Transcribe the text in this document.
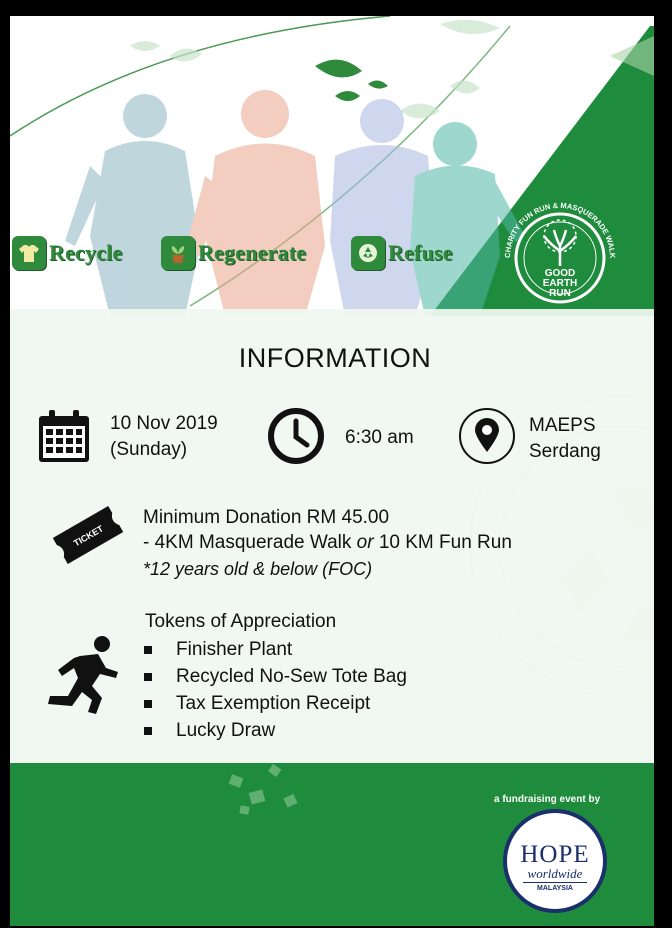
Recycle	Regenerate	Refuse	CHARITY FUN RUN & MASQUERADE WALK
GOOD
EARTH
RUN
INFORMATION
10 Nov 2019
(Sunday)
6:30 am
MAEPS
Serdang
TICKET
Minimum Donation RM 45.00
- 4KM Masquerade Walk or 10 KM Fun Run
*12 years old & below (FOC)
Tokens of Appreciation
Finisher Plant
Recycled No-Sew Tote Bag
Tax Exemption Receipt
Lucky Draw
a fundraising event by
HOPE
worldwide
MALAYSIA
